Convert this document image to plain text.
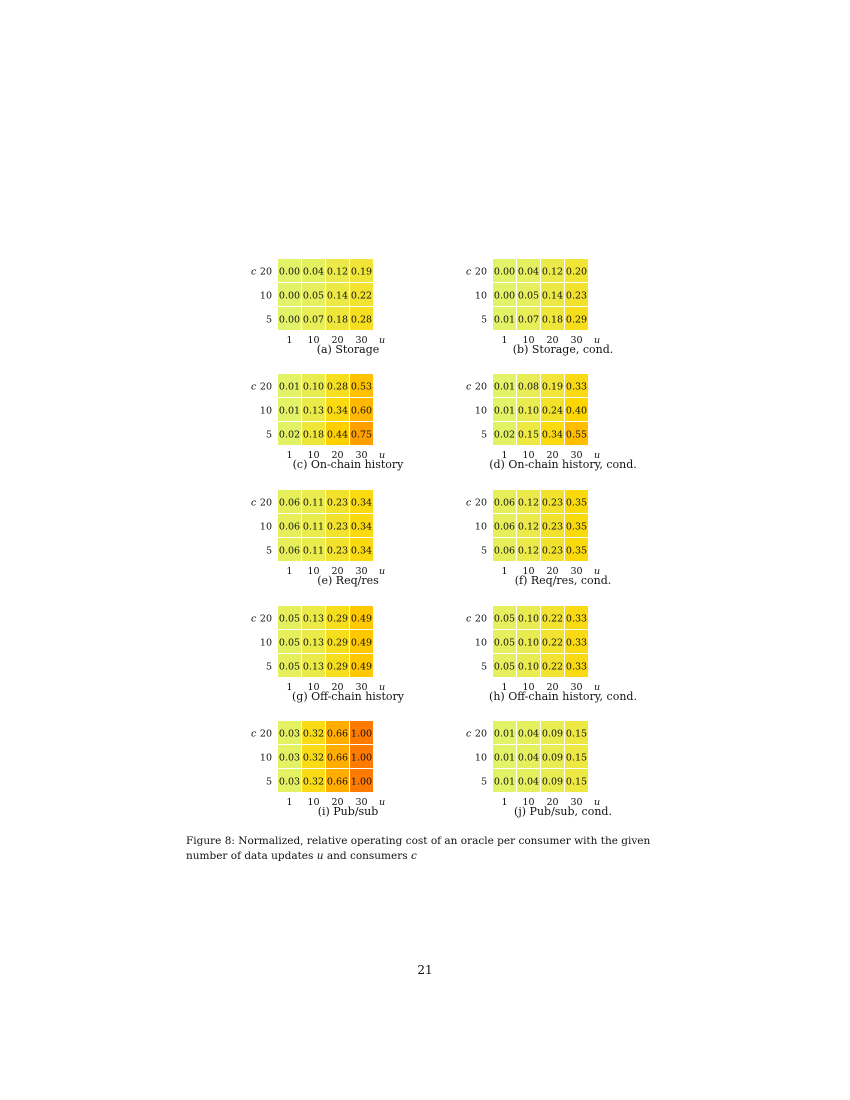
0.00 0.04 0.12 0.19
0.00 0.05 0.14 0.22
0.00 0.07 0.18 0.28
c 20
10
5
1 10 20 30 u
(a) Storage
0.00 0.04 0.12 0.20
0.00 0.05 0.14 0.23
0.01 0.07 0.18 0.29
c 20
10
5
1 10 20 30 u
(b) Storage, cond.
0.01 0.10 0.28 0.53
0.01 0.13 0.34 0.60
0.02 0.18 0.44 0.75
c 20
10
5
1 10 20 30 u
(c) On-chain history
0.01 0.08 0.19 0.33
0.01 0.10 0.24 0.40
0.02 0.15 0.34 0.55
c 20
10
5
1 10 20 30 u
(d) On-chain history, cond.
0.06 0.11 0.23 0.34
0.06 0.11 0.23 0.34
0.06 0.11 0.23 0.34
c 20
10
5
1 10 20 30 u
(e) Req/res
0.06 0.12 0.23 0.35
0.06 0.12 0.23 0.35
0.06 0.12 0.23 0.35
c 20
10
5
1 10 20 30 u
(f) Req/res, cond.
0.05 0.13 0.29 0.49
0.05 0.13 0.29 0.49
0.05 0.13 0.29 0.49
c 20
10
5
1 10 20 30 u
(g) Off-chain history
0.05 0.10 0.22 0.33
0.05 0.10 0.22 0.33
0.05 0.10 0.22 0.33
c 20
10
5
1 10 20 30 u
(h) Off-chain history, cond.
0.03 0.32 0.66 1.00
0.03 0.32 0.66 1.00
0.03 0.32 0.66 1.00
c 20
10
5
1 10 20 30 u
(i) Pub/sub
0.01 0.04 0.09 0.15
0.01 0.04 0.09 0.15
0.01 0.04 0.09 0.15
c 20
10
5
1 10 20 30 u
(j) Pub/sub, cond.
Figure 8: Normalized, relative operating cost of an oracle per consumer with the given number of data updates u and consumers c
21
